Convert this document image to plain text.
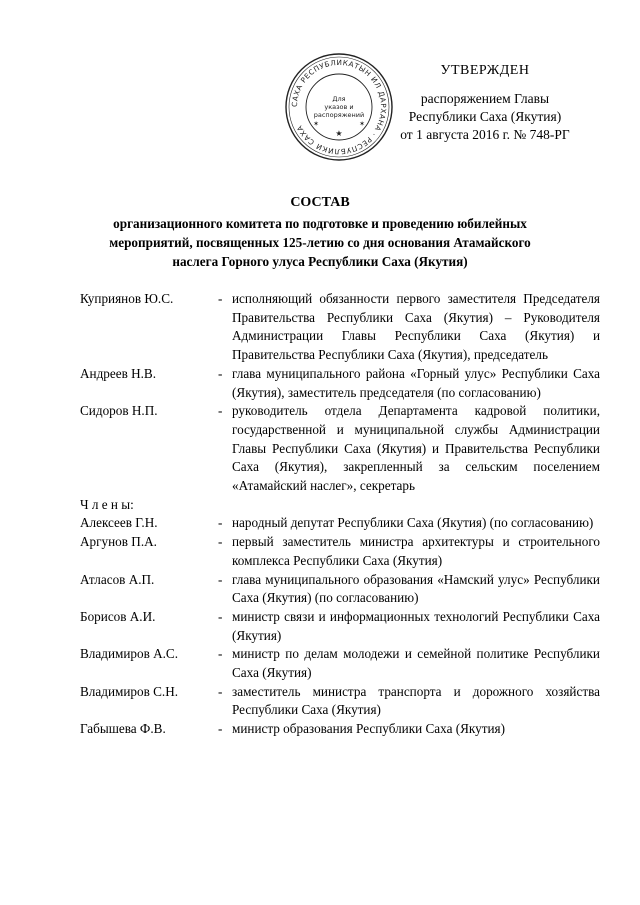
САХА РЕСПУБЛИКАТЫН ИЛ ДАРХАНА · РЕСПУБЛИКИ САХА
Для
указов и
распоряжений
★
✶	✶
УТВЕРЖДЕН
распоряжением Главы
Республики Саха (Якутия)
от 1 августа 2016 г. № 748-РГ
СОСТАВ
организационного комитета по подготовке и проведению юбилейных
мероприятий, посвященных 125-летию со дня основания Атамайского
наслега Горного улуса Республики Саха (Якутия)
Куприянов Ю.С.	- исполняющий обязанности первого заместителя Председателя Правительства Республики Саха (Якутия) – Руководителя Администрации Главы Республики Саха (Якутия) и Правительства Республики Саха (Якутия), председатель
Андреев Н.В.	- глава муниципального района «Горный улус» Республики Саха (Якутия), заместитель председателя (по согласованию)
Сидоров Н.П.	- руководитель отдела Департамента кадровой политики, государственной и муниципальной службы Администрации Главы Республики Саха (Якутия) и Правительства Республики Саха (Якутия), закрепленный за сельским поселением «Атамайский наслег», секретарь
Ч л е н ы:
Алексеев Г.Н.	- народный депутат Республики Саха (Якутия) (по согласованию)
Аргунов П.А.	- первый заместитель министра архитектуры и строительного комплекса Республики Саха (Якутия)
Атласов А.П.	- глава муниципального образования «Намский улус» Республики Саха (Якутия) (по согласованию)
Борисов А.И.	- министр связи и информационных технологий Республики Саха (Якутия)
Владимиров А.С.	- министр по делам молодежи и семейной политике Республики Саха (Якутия)
Владимиров С.Н.	- заместитель министра транспорта и дорожного хозяйства Республики Саха (Якутия)
Габышева Ф.В.	- министр образования Республики Саха (Якутия)
